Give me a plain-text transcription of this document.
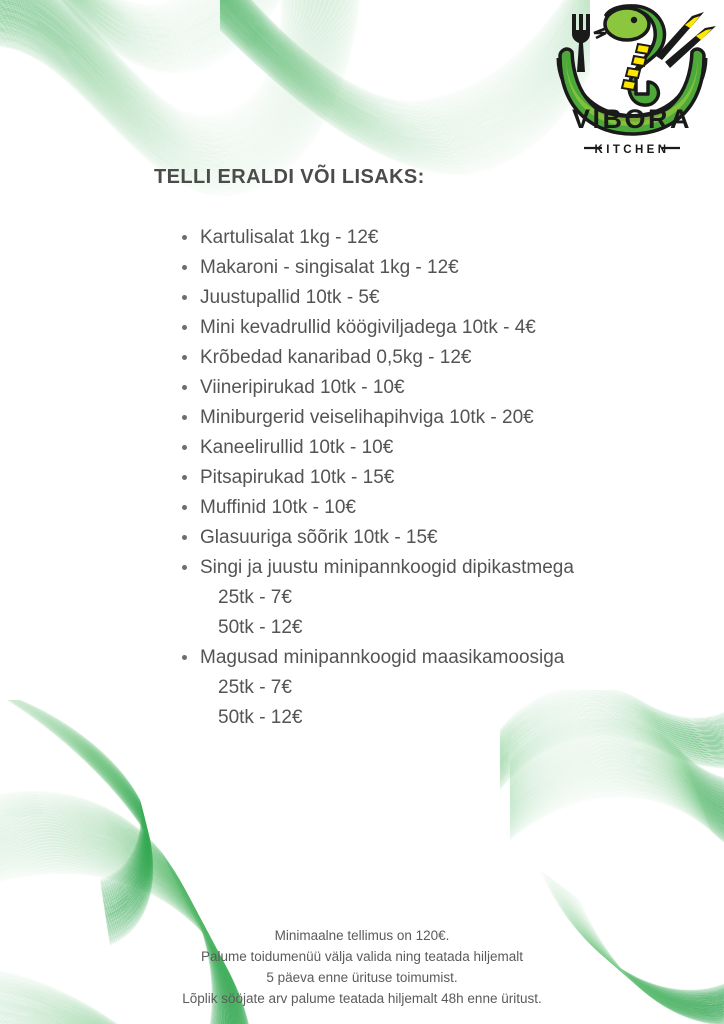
VIBORA
KITCHEN
TELLI ERALDI VÕI LISAKS:
Kartulisalat 1kg - 12€
Makaroni - singisalat 1kg - 12€
Juustupallid 10tk - 5€
Mini kevadrullid köögiviljadega 10tk - 4€
Krõbedad kanaribad 0,5kg - 12€
Viineripirukad 10tk - 10€
Miniburgerid veiselihapihviga 10tk - 20€
Kaneelirullid 10tk - 10€
Pitsapirukad 10tk - 15€
Muffinid 10tk - 10€
Glasuuriga sõõrik 10tk - 15€
Singi ja juustu minipannkoogid dipikastmega
25tk - 7€
50tk - 12€
Magusad minipannkoogid maasikamoosiga
25tk - 7€
50tk - 12€
Minimaalne tellimus on 120€.
Palume toidumenüü välja valida ning teatada hiljemalt
5 päeva enne ürituse toimumist.
Lõplik sööjate arv palume teatada hiljemalt 48h enne üritust.
